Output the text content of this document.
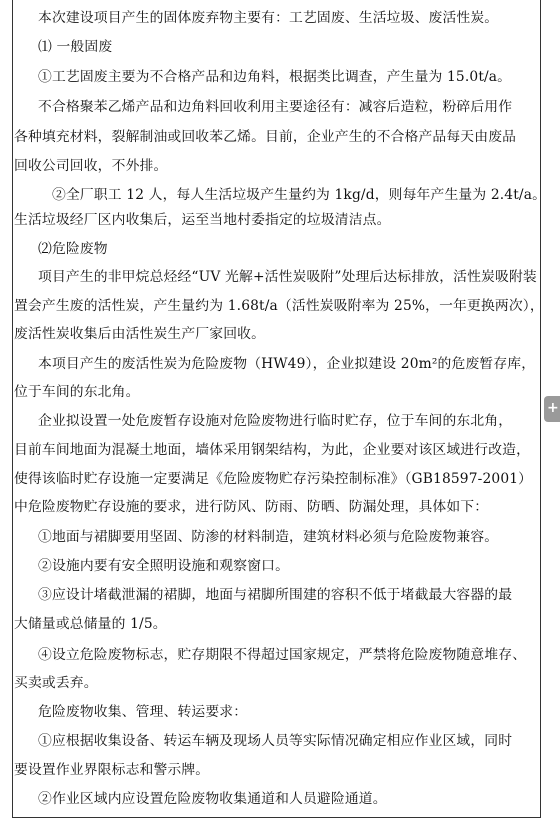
本次建设项目产生的固体废弃物主要有：工艺固废、生活垃圾、废活性炭。
⑴ 一般固废
①工艺固废主要为不合格产品和边角料，根据类比调查，产生量为 15.0t/a。
不合格聚苯乙烯产品和边角料回收利用主要途径有：减容后造粒，粉碎后用作
各种填充材料，裂解制油或回收苯乙烯。目前，企业产生的不合格产品每天由废品
回收公司回收，不外排。
②全厂职工 12 人，每人生活垃圾产生量约为 1kg/d，则每年产生量为 2.4t/a。
生活垃圾经厂区内收集后，运至当地村委指定的垃圾清洁点。
⑵危险废物
项目产生的非甲烷总烃经“UV 光解+活性炭吸附”处理后达标排放，活性炭吸附装
置会产生废的活性炭，产生量约为 1.68t/a（活性炭吸附率为 25%，一年更换两次），
废活性炭收集后由活性炭生产厂家回收。
本项目产生的废活性炭为危险废物（HW49），企业拟建设 20m²的危废暂存库，
位于车间的东北角。
企业拟设置一处危废暂存设施对危险废物进行临时贮存，位于车间的东北角，
目前车间地面为混凝土地面，墙体采用钢架结构，为此，企业要对该区域进行改造，
使得该临时贮存设施一定要满足《危险废物贮存污染控制标准》（GB18597-2001）
中危险废物贮存设施的要求，进行防风、防雨、防晒、防漏处理，具体如下：
①地面与裙脚要用坚固、防渗的材料制造，建筑材料必须与危险废物兼容。
②设施内要有安全照明设施和观察窗口。
③应设计堵截泄漏的裙脚，地面与裙脚所围建的容积不低于堵截最大容器的最
大储量或总储量的 1/5。
④设立危险废物标志，贮存期限不得超过国家规定，严禁将危险废物随意堆存、
买卖或丢弃。
危险废物收集、管理、转运要求：
①应根据收集设备、转运车辆及现场人员等实际情况确定相应作业区域，同时
要设置作业界限标志和警示牌。
②作业区域内应设置危险废物收集通道和人员避险通道。
+
